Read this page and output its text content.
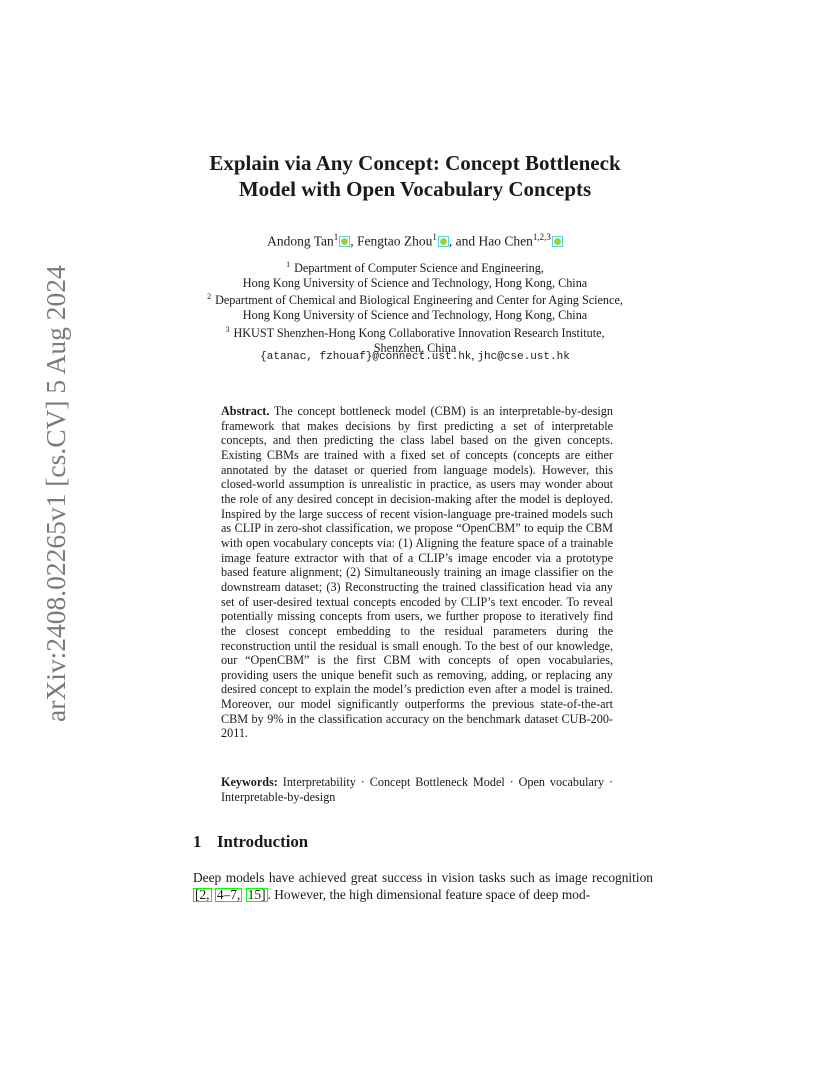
arXiv:2408.02265v1 [cs.CV] 5 Aug 2024
Explain via Any Concept: Concept Bottleneck Model with Open Vocabulary Concepts
Andong Tan$^1$ , Fengtao Zhou$^1$ , and Hao Chen$^{1,2,3}$
$^1$ Department of Computer Science and Engineering,
Hong Kong University of Science and Technology, Hong Kong, China
$^2$ Department of Chemical and Biological Engineering and Center for Aging Science,
Hong Kong University of Science and Technology, Hong Kong, China
$^3$ HKUST Shenzhen-Hong Kong Collaborative Innovation Research Institute,
Shenzhen, China
{atanac, fzhouaf}@connect.ust.hk, jhc@cse.ust.hk
Abstract. The concept bottleneck model (CBM) is an interpretable-by-design framework that makes decisions by first predicting a set of interpretable concepts, and then predicting the class label based on the given concepts. Existing CBMs are trained with a fixed set of concepts (concepts are either annotated by the dataset or queried from language models). However, this closed-world assumption is unrealistic in practice, as users may wonder about the role of any desired concept in decision-making after the model is deployed. Inspired by the large success of recent vision-language pre-trained models such as CLIP in zero-shot classification, we propose “OpenCBM” to equip the CBM with open vocabulary concepts via: (1) Aligning the feature space of a trainable image feature extractor with that of a CLIP’s image encoder via a prototype based feature alignment; (2) Simultaneously training an image classifier on the downstream dataset; (3) Reconstructing the trained classification head via any set of user-desired textual concepts encoded by CLIP’s text encoder. To reveal potentially missing concepts from users, we further propose to iteratively find the closest concept embedding to the residual parameters during the reconstruction until the residual is small enough. To the best of our knowledge, our “OpenCBM” is the first CBM with concepts of open vocabularies, providing users the unique benefit such as removing, adding, or replacing any desired concept to explain the model’s prediction even after a model is trained. Moreover, our model significantly outperforms the previous state-of-the-art CBM by 9% in the classification accuracy on the benchmark dataset CUB-200-2011.
Keywords: Interpretability · Concept Bottleneck Model · Open vocabulary · Interpretable-by-design
1 Introduction
Deep models have achieved great success in vision tasks such as image recognition [2, 4–7, 15] . However, the high dimensional feature space of deep mod-
